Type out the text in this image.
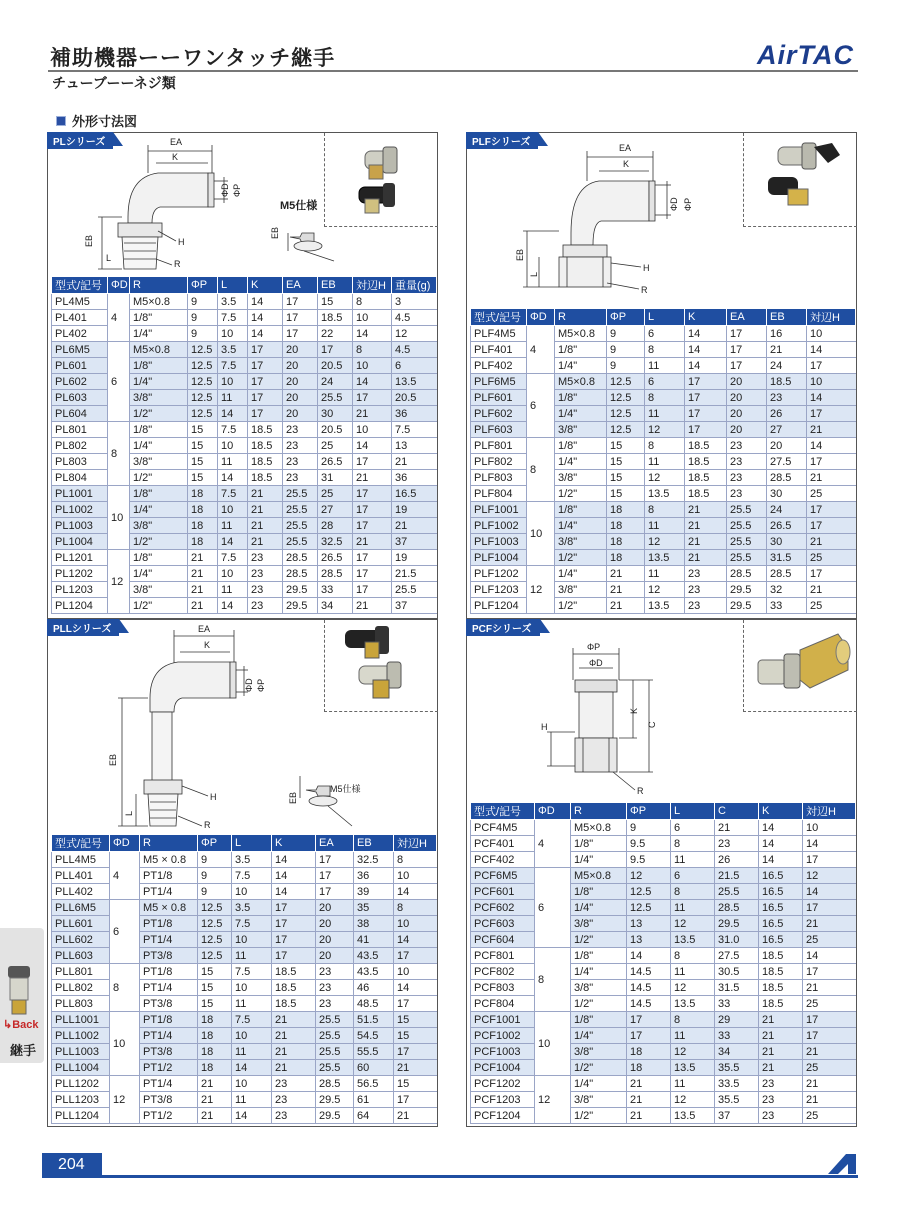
補助機器ーーワンタッチ継手
チューブーーネジ類
AirTAC
外形寸法図
PLシリーズ	EA
K
ΦD ΦP
EB
L
H
R
M5仕様
EB
型式/記号	ΦD	R	ΦP	L	K	EA	EB	対辺H	重量(g)
PL4M5	4	M5×0.8	9	3.5	14	17	15	8	3
PL401		1/8"	9	7.5	14	17	18.5	10	4.5
PL402		1/4"	9	10	14	17	22	14	12
PL6M5	6	M5×0.8	12.5	3.5	17	20	17	8	4.5
PL601		1/8"	12.5	7.5	17	20	20.5	10	6
PL602		1/4"	12.5	10	17	20	24	14	13.5
PL603		3/8"	12.5	11	17	20	25.5	17	20.5
PL604		1/2"	12.5	14	17	20	30	21	36
PL801	8	1/8"	15	7.5	18.5	23	20.5	10	7.5
PL802		1/4"	15	10	18.5	23	25	14	13
PL803		3/8"	15	11	18.5	23	26.5	17	21
PL804		1/2"	15	14	18.5	23	31	21	36
PL1001	10	1/8"	18	7.5	21	25.5	25	17	16.5
PL1002		1/4"	18	10	21	25.5	27	17	19
PL1003		3/8"	18	11	21	25.5	28	17	21
PL1004		1/2"	18	14	21	25.5	32.5	21	37
PL1201	12	1/8"	21	7.5	23	28.5	26.5	17	19
PL1202		1/4"	21	10	23	28.5	28.5	17	21.5
PL1203		3/8"	21	11	23	29.5	33	17	25.5
PL1204		1/2"	21	14	23	29.5	34	21	37
PLFシリーズ	EA
K
ΦD ΦP
EB
L
H
R
型式/記号	ΦD	R	ΦP	L	K	EA	EB	対辺H
PLF4M5	4	M5×0.8	9	6	14	17	16	10
PLF401		1/8"	9	8	14	17	21	14
PLF402		1/4"	9	11	14	17	24	17
PLF6M5	6	M5×0.8	12.5	6	17	20	18.5	10
PLF601		1/8"	12.5	8	17	20	23	14
PLF602		1/4"	12.5	11	17	20	26	17
PLF603		3/8"	12.5	12	17	20	27	21
PLF801	8	1/8"	15	8	18.5	23	20	14
PLF802		1/4"	15	11	18.5	23	27.5	17
PLF803		3/8"	15	12	18.5	23	28.5	21
PLF804		1/2"	15	13.5	18.5	23	30	25
PLF1001	10	1/8"	18	8	21	25.5	24	17
PLF1002		1/4"	18	11	21	25.5	26.5	17
PLF1003		3/8"	18	12	21	25.5	30	21
PLF1004		1/2"	18	13.5	21	25.5	31.5	25
PLF1202	12	1/4"	21	11	23	28.5	28.5	17
PLF1203		3/8"	21	12	23	29.5	32	21
PLF1204		1/2"	21	13.5	23	29.5	33	25
PLLシリーズ	EA
K
ΦD ΦP
EB
L
H
R
M5仕様
EB
型式/記号	ΦD	R	ΦP	L	K	EA	EB	対辺H
PLL4M5	4	M5 × 0.8	9	3.5	14	17	32.5	8
PLL401		PT1/8	9	7.5	14	17	36	10
PLL402		PT1/4	9	10	14	17	39	14
PLL6M5	6	M5 × 0.8	12.5	3.5	17	20	35	8
PLL601		PT1/8	12.5	7.5	17	20	38	10
PLL602		PT1/4	12.5	10	17	20	41	14
PLL603		PT3/8	12.5	11	17	20	43.5	17
PLL801	8	PT1/8	15	7.5	18.5	23	43.5	10
PLL802		PT1/4	15	10	18.5	23	46	14
PLL803		PT3/8	15	11	18.5	23	48.5	17
PLL1001	10	PT1/8	18	7.5	21	25.5	51.5	15
PLL1002		PT1/4	18	10	21	25.5	54.5	15
PLL1003		PT3/8	18	11	21	25.5	55.5	17
PLL1004		PT1/2	18	14	21	25.5	60	21
PLL1202	12	PT1/4	21	10	23	28.5	56.5	15
PLL1203		PT3/8	21	11	23	29.5	61	17
PLL1204		PT1/2	21	14	23	29.5	64	21
PCFシリーズ
ΦP
ΦD
K
C
H
R
型式/記号	ΦD	R	ΦP	L	C	K	対辺H
PCF4M5	4	M5×0.8	9	6	21	14	10
PCF401		1/8"	9.5	8	23	14	14
PCF402		1/4"	9.5	11	26	14	17
PCF6M5	6	M5×0.8	12	6	21.5	16.5	12
PCF601		1/8"	12.5	8	25.5	16.5	14
PCF602		1/4"	12.5	11	28.5	16.5	17
PCF603		3/8"	13	12	29.5	16.5	21
PCF604		1/2"	13	13.5	31.0	16.5	25
PCF801	8	1/8"	14	8	27.5	18.5	14
PCF802		1/4"	14.5	11	30.5	18.5	17
PCF803		3/8"	14.5	12	31.5	18.5	21
PCF804		1/2"	14.5	13.5	33	18.5	25
PCF1001	10	1/8"	17	8	29	21	17
PCF1002		1/4"	17	11	33	21	17
PCF1003		3/8"	18	12	34	21	21
PCF1004		1/2"	18	13.5	35.5	21	25
PCF1202	12	1/4"	21	11	33.5	23	21
PCF1203		3/8"	21	12	35.5	23	21
PCF1204		1/2"	21	13.5	37	23	25
↳Back
継手
204
